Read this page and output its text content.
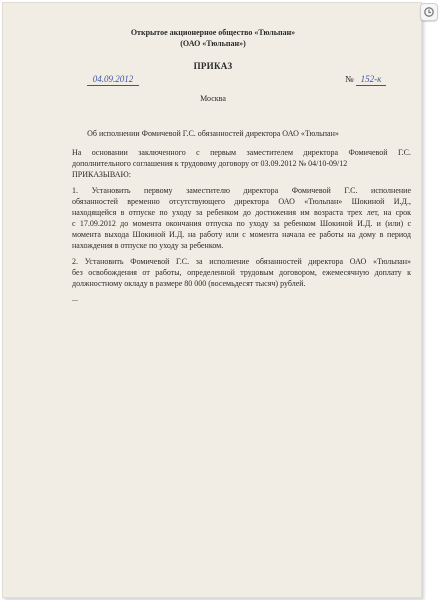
Открытое акционерное общество «Тюльпан»
(ОАО «Тюльпан»)
ПРИКАЗ
04.09.2012	№ 152-к
Москва
Об исполнении Фомичевой Г.С. обязанностей директора ОАО «Тюльпан»
На основании заключенного с первым заместителем директора Фомичевой Г.С.
дополнительного соглашения к трудовому договору от 03.09.2012 № 04/10-09/12
ПРИКАЗЫВАЮ:
1. Установить первому заместителю директора Фомичевой Г.С. исполнение
обязанностей временно отсутствующего директора ОАО «Тюльпан» Шокиной И.Д.,
находящейся в отпуске по уходу за ребенком до достижения им возраста трех лет, на срок
с 17.09.2012 до момента окончания отпуска по уходу за ребенком Шокиной И.Д. и (или) с
момента выхода Шокиной И.Д. на работу или с момента начала ее работы на дому в период
нахождения в отпуске по уходу за ребенком.
2. Установить Фомичевой Г.С. за исполнение обязанностей директора ОАО «Тюльпан»
без освобождения от работы, определенной трудовым договором, ежемесячную доплату к
должностному окладу в размере 80 000 (восемьдесят тысяч) рублей.
...
